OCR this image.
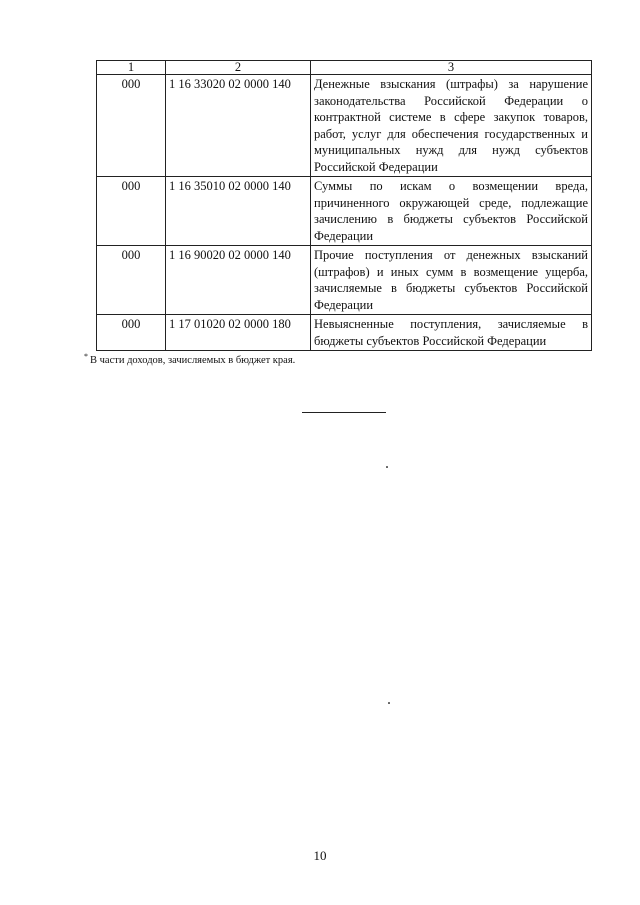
1	2	3
000	1 16 33020 02 0000 140	Денежные взыскания (штрафы) за нарушение законодательства Российской Федерации о контрактной системе в сфере закупок товаров, работ, услуг для обеспечения государственных и муниципальных нужд для нужд субъектов Российской Федерации
000	1 16 35010 02 0000 140	Суммы по искам о возмещении вреда, причиненного окружающей среде, подлежащие зачислению в бюджеты субъектов Российской Федерации
000	1 16 90020 02 0000 140	Прочие поступления от денежных взысканий (штрафов) и иных сумм в возмещение ущерба, зачисляемые в бюджеты субъектов Российской Федерации
000	1 17 01020 02 0000 180	Невыясненные поступления, зачисляемые в бюджеты субъектов Российской Федерации
* В части доходов, зачисляемых в бюджет края.
10
